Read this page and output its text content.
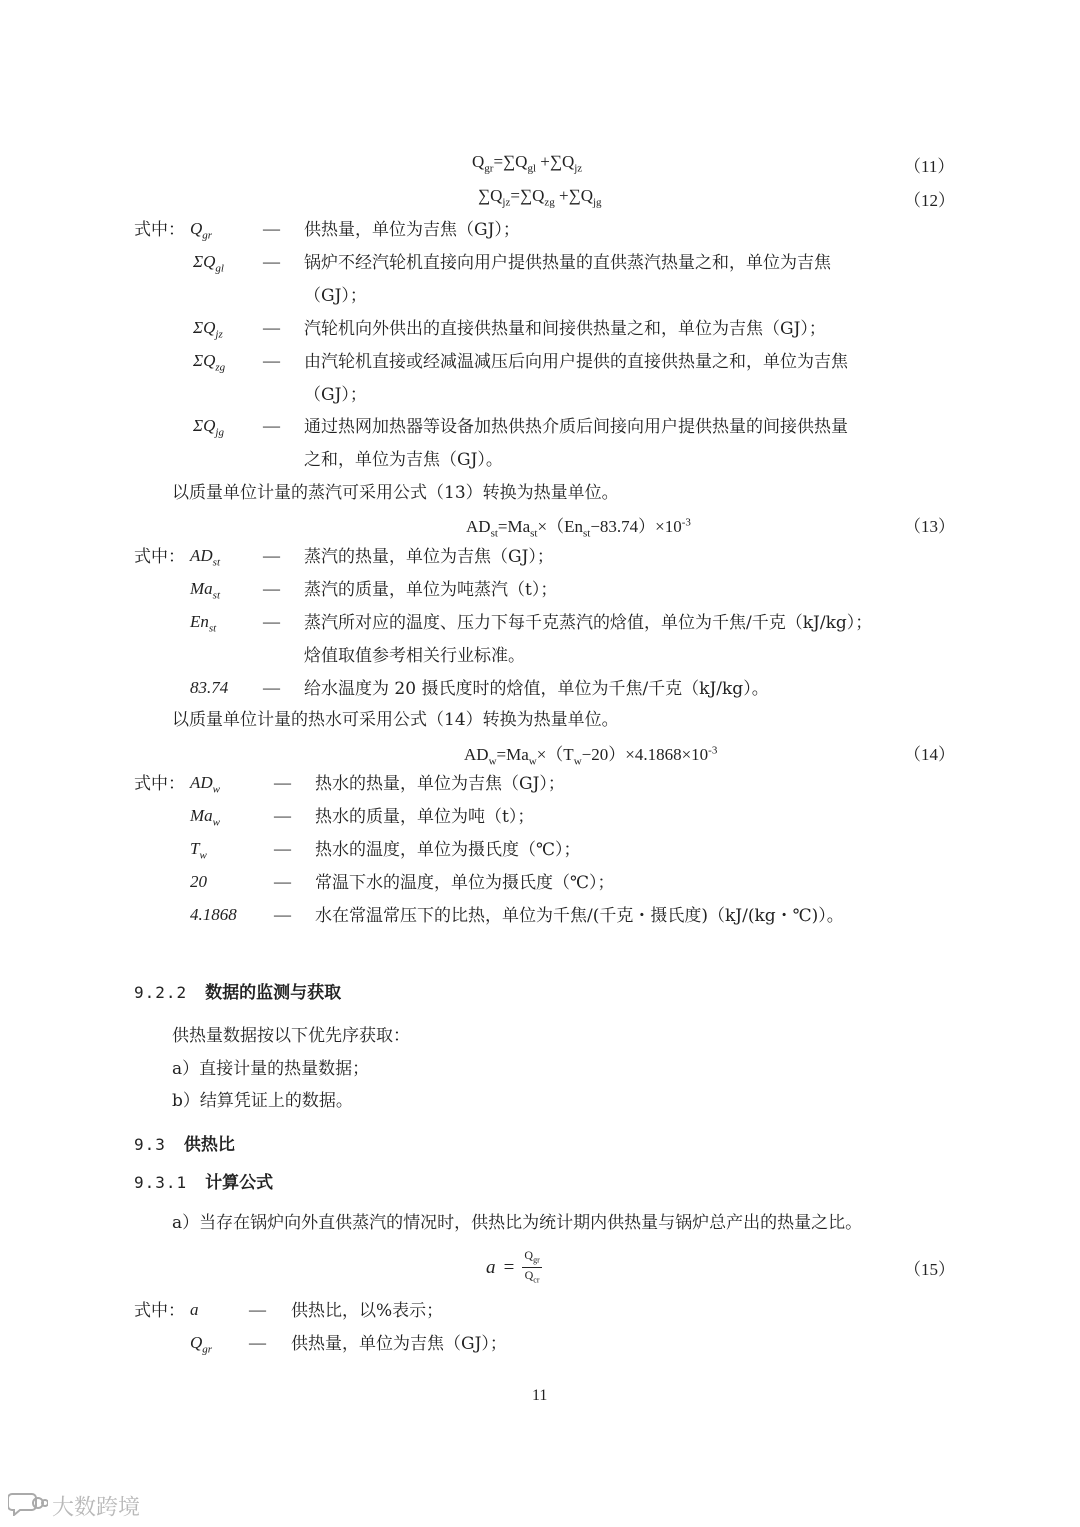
$Q_{gr}=\sum Q_{gl} +\sum Q_{jz}$	（11）
$\sum Q_{jz}=\sum Q_{zg} +\sum Q_{jg}$	（12）
式中： $Q_{gr}$	— 供热量，单位为吉焦（GJ）；
$\Sigma Q_{gl}$ — 锅炉不经汽轮机直接向用户提供热量的直供蒸汽热量之和，单位为吉焦
（GJ）；
$\Sigma Q_{jz}$ — 汽轮机向外供出的直接供热量和间接供热量之和，单位为吉焦（GJ）；
$\Sigma Q_{zg}$ — 由汽轮机直接或经减温减压后向用户提供的直接供热量之和，单位为吉焦
（GJ）；
$\Sigma Q_{jg}$ — 通过热网加热器等设备加热供热介质后间接向用户提供热量的间接供热量
之和，单位为吉焦（GJ）。
以质量单位计量的蒸汽可采用公式（13）转换为热量单位。
$AD_{st}=Ma_{st}\times(En_{st}-83.74)\times 10^{-3}$	（13）
式中： $AD_{st}$	— 蒸汽的热量，单位为吉焦（GJ）；
$Ma_{st}$	— 蒸汽的质量，单位为吨蒸汽（t）；
$En_{st}$	— 蒸汽所对应的温度、压力下每千克蒸汽的焓值，单位为千焦/千克（kJ/kg）；
焓值取值参考相关行业标准。
83.74 — 给水温度为 20 摄氏度时的焓值，单位为千焦/千克（kJ/kg）。
以质量单位计量的热水可采用公式（14）转换为热量单位。
$AD_w=Ma_w\times(T_w-20)\times 4.1868\times 10^{-3}$	（14）
式中： $AD_w$	— 热水的热量，单位为吉焦（GJ）；
$Ma_w$	— 热水的质量，单位为吨（t）；
$T_w$	— 热水的温度，单位为摄氏度（℃）；
20	— 常温下水的温度，单位为摄氏度（℃）；
4.1868 — 水在常温常压下的比热，单位为千焦/(千克・摄氏度)（kJ/(kg・℃)）。
9.2.2 数据的监测与获取
供热量数据按以下优先序获取：
a）直接计量的热量数据；
b）结算凭证上的数据。
9.3 供热比
9.3.1 计算公式
a）当存在锅炉向外直供蒸汽的情况时，供热比为统计期内供热量与锅炉总产出的热量之比。
$a = \frac{Q_{gr}}{Q_{cr}}$	（15）
式中： a	— 供热比，以%表示；
$Q_{gr}$ — 供热量，单位为吉焦（GJ）；
11
大数跨境
